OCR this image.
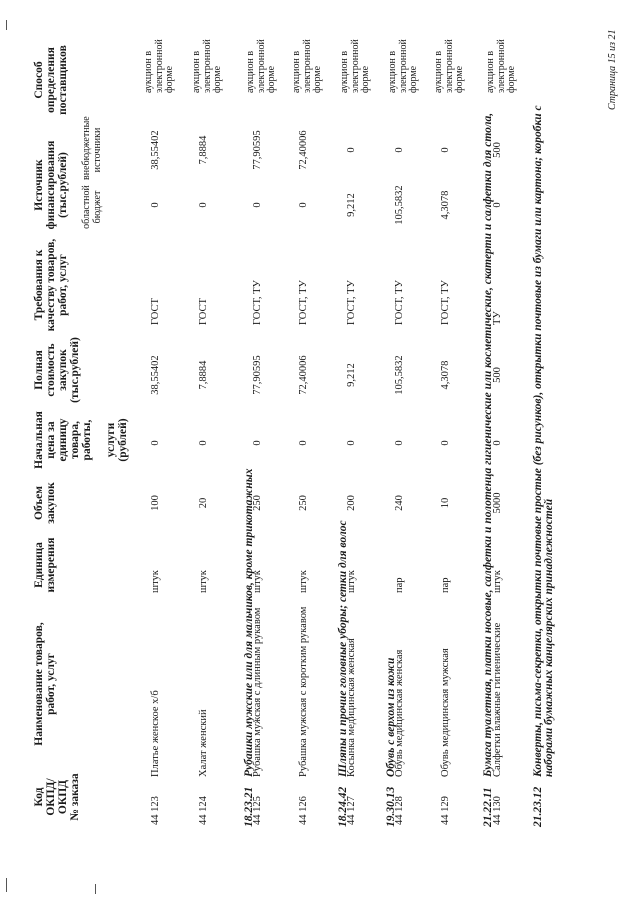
Код ОКПД/ ОКПД № заказа
Наименование товаров, работ, услуг
Единица измерения
Объем закупок
Начальная цена за единицу товара, работы,
услуги (рублей)
Полная стоимость закупок (тыс.рублей)
Требования к качеству товаров, работ, услуг
Источник финансирования (тыс.рублей) областной бюджет
внебюджетные источники
Способ определения поставщиков
44 123
Платье женское х/б
штук
100
0
38,55402
ГОСТ
0
38,55402
аукцион в электронной форме
44 124
Халат женский
штук
20
0
7,8884
ГОСТ
0
7,8884
аукцион в электронной форме
18.23.21
Рубашки мужские или для мальчиков, кроме трикотажных
44 125
Рубашка мужская с длинным рукавом
штук
250
0
77,90595
ГОСТ, ТУ
0
77,90595
аукцион в электронной форме
44 126
Рубашка мужская с коротким рукавом
штук
250
0
72,40006
ГОСТ, ТУ
0
72,40006
аукцион в электронной форме
18.24.42
Шляпы и прочие головные уборы; сетки для волос
44 127
Косынка медицинская женская
штук
200
0
9,212
ГОСТ, ТУ
9,212
0
аукцион в электронной форме
19.30.13
Обувь с верхом из кожи
44 128
Обувь медицинская женская
пар
240
0
105,5832
ГОСТ, ТУ
105,5832
0
аукцион в электронной форме
44 129
Обувь медицинская мужская
пар
10
0
4,3078
ГОСТ, ТУ
4,3078
0
аукцион в электронной форме
21.22.11
Бумага туалетная, платки носовые, салфетки и полотенца гигиенические или косметические, скатерти и салфетки для стола,
44 130
Салфетки влажные гигиенические
штук
5000
0
500
ТУ
0
500
аукцион в электронной форме
21.23.12
Конверты, письма-секретки, открытки почтовые простые (без рисунков), открытки почтовые из бумаги или картона; коробки с наборами бумажных канцелярских принадлежностей
Страница 15 из 21
